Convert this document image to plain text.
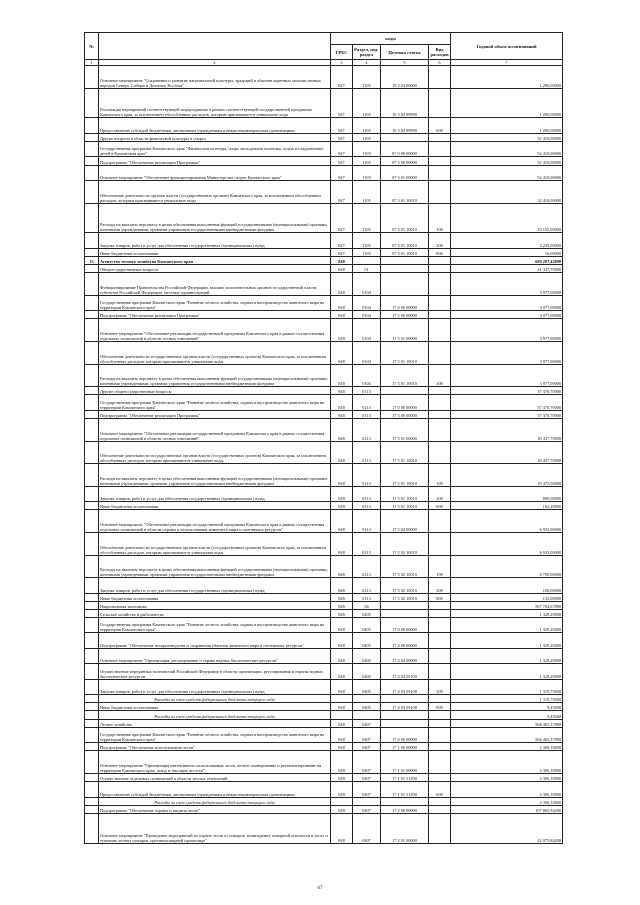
№		коды				Годовой объем ассигнований
		ГРБС	Раздел, под-раздел	Целевая статья	Вид расходов	
1	2	3	4	5	6	7
	Основное мероприятие "Сохранение и развитие национальной культуры, традиций и обычаев коренных малочисленных народов Севера, Сибири и Дальнего Востока"	847	1105	19 3 04 00000		1 290,00000
	Реализация мероприятий соответствующей подпрограммы в рамках соответствующей государственной программы Камчатского края, за исключением обособленных расходов, которым присваиваются уникальные коды	847	1105	19 3 04 99990		1 290,00000
	Предоставление субсидий бюджетным, автономным учреждениям и иным некоммерческим организациям	847	1105	19 3 04 99990	600	1 290,00000
	Другие вопросы в области физической культуры и спорта	847	1105			32 410,00000
	Государственная программа Камчатского края "Физическая культура, спорт, молодежная политика, отдых и оздоровление детей в Камчатском крае"	847	1105	07 0 00 00000		32 410,00000
	Подпрограмма "Обеспечение реализации Программы"	847	1105	07 3 00 00000		32 410,00000
	Основное мероприятие "Обеспечение функционирования Министерства спорта Камчатского края"	847	1105	07 3 01 00000		32 410,00000
	Обеспечение деятельности органов власти (государственных органов) Камчатского края, за исключением обособленных расходов, которым присваиваются уникальные коды	847	1105	07 3 01 10010		32 410,00000
	Расходы на выплаты персоналу в целях обеспечения выполнения функций государственными (муниципальными) органами, казенными учреждениями, органами управления государственными внебюджетными фондами	847	1105	07 3 01 10010	100	29 155,00000
	Закупка товаров, работ и услуг для обеспечения государственных (муниципальных) нужд	847	1105	07 3 01 10010	200	3 239,00000
	Иные бюджетные ассигнования	847	1105	07 3 01 10010	800	16,00000
33	Агентство лесного хозяйства Камчатского края	848				609 207,42890
	Общегосударственные вопросы	848	01			41 347,70000
	Функционирование Правительства Российской Федерации, высших исполнительных органов государственной власти субъектов Российской Федерации, местных администраций	848	0104			3 977,00000
	Государственная программа Камчатского края "Развитие лесного хозяйства, охрана и воспроизводство животного мира на территории Камчатского края"	848	0104	17 0 00 00000		3 977,00000
	Подпрограмма "Обеспечение реализации Программы"	848	0104	17 5 00 00000		3 977,00000
	Основное мероприятие "Обеспечение реализации государственной программы Камчатского края в рамках осуществления отдельных полномочий в области лесных отношений"	848	0104	17 5 01 00000		3 977,00000
	Обеспечение деятельности государственных органов власти (государственных органов) Камчатского края, за исключением обособленных расходов, которым присваиваются уникальные коды	848	0104	17 5 01 10010		3 977,00000
	Расходы на выплаты персоналу в целях обеспечения выполнения функций государственными (муниципальными) органами, казенными учреждениями, органами управления государственными внебюджетными фондами	848	0104	17 5 01 10010	100	3 977,00000
	Другие общегосударственные вопросы	848	0113			37 370,70000
	Государственная программа Камчатского края "Развитие лесного хозяйства, охрана и воспроизводство животного мира на территории Камчатского края"	848	0113	17 0 00 00000		37 370,70000
	Подпрограмма "Обеспечение реализации Программы"	848	0113	17 5 00 00000		37 370,70000
	Основное мероприятие "Обеспечение реализации государственной программы Камчатского края в рамках осуществления отдельных полномочий в области лесных отношений"	848	0113	17 5 01 00000		30 437,70000
	Обеспечение деятельности государственных органов власти (государственных органов) Камчатского края, за исключением обособленных расходов, которым присваиваются уникальные коды	848	0113	17 5 01 10010		30 437,70000
	Расходы на выплаты персоналу в целях обеспечения выполнения функций государственными (муниципальными) органами, казенными учреждениями, органами управления государственными внебюджетными фондами	848	0113	17 5 01 10010	100	29 475,50000
	Закупка товаров, работ и услуг для обеспечения государственных (муниципальных) нужд	848	0113	17 5 01 10010	200	800,00000
	Иные бюджетные ассигнования	848	0113	17 5 01 10010	800	162,20000
	Основное мероприятие "Обеспечение реализации государственной программы Камчатского края в рамках осуществления отдельных полномочий в области охраны и использования животного мира и охотничьих ресурсов"	848	0113	17 5 02 00000		6 933,00000
	Обеспечение деятельности государственных органов власти (государственных органов) Камчатского края, за исключением обособленных расходов, которым присваиваются уникальные коды	848	0113	17 5 02 10010		6 933,00000
	Расходы на выплаты персоналу в целях обеспечения выполнения функций государственными (муниципальными) органами, казенными учреждениями, органами управления государственными внебюджетными фондами	848	0113	17 5 02 10010	100	6 700,00000
	Закупка товаров, работ и услуг для обеспечения государственных (муниципальных) нужд	848	0113	17 5 02 10010	200	100,00000
	Иные бюджетные ассигнования	848	0113	17 5 02 10010	800	133,00000
	Национальная экономика	848	04			567 794,67890
	Сельское хозяйство и рыболовство	848	0405			1 329,20000
	Государственная программа Камчатского края "Развитие лесного хозяйства, охрана и воспроизводство животного мира на территории Камчатского края"	848	0405	17 0 00 00000		1 329,20000
	Подпрограмма "Обеспечение воспроизводства и сохранения объектов животного мира и охотничьих ресурсов"	848	0405	17 4 00 00000		1 329,20000
	Основное мероприятие "Организация, регулирование и охрана водных биологических ресурсов"	848	0405	17 4 04 00000		1 329,20000
	Осуществление переданных полномочий Российской Федерации в области организации, регулирования и охраны водных биологических ресурсов	848	0405	17 4 04 59100		1 329,20000
	Закупка товаров, работ и услуг для обеспечения государственных (муниципальных) нужд	848	0405	17 4 04 59100	200	1 319,75000
	Расходы за счет средств федерального бюджета текущего года					1 319,75000
	Иные бюджетные ассигнования	848	0405	17 4 04 59100	800	9,45000
	Расходы за счет средств федерального бюджета текущего года					9,45000
	Лесное хозяйство	848	0407			566 465,37890
	Государственная программа Камчатского края "Развитие лесного хозяйства, охрана и воспроизводство животного мира на территории Камчатского края"	848	0407	17 0 00 00000		566 465,37890
	Подпрограмма "Обеспечение использования лесов"	848	0407	17 1 00 00000		2 306,10000
	Основное мероприятие "Организация интенсивного использования лесов, лесное планирование и регламентирование на территории Камчатского края, отвод и таксация лесосек"	848	0407	17 1 01 00000		2 306,10000
	Осуществление отдельных полномочий в области лесных отношений	848	0407	17 1 01 51290		2 306,10000
	Предоставление субсидий бюджетным, автономным учреждениям и иным некоммерческим организациям	848	0407	17 1 01 51290	600	2 306,10000
	Расходы за счет средств федерального бюджета текущего года					2 306,10000
	Подпрограмма "Обеспечение охраны и защиты лесов"	848	0407	17 2 00 00000		107 865,94200
	Основное мероприятие "Проведение мероприятий по охране лесов от пожаров, мониторингу пожарной опасности в лесах и тушению лесных пожаров, противопожарной пропаганде"	848	0407	17 2 01 00000		42 075,84200
67
